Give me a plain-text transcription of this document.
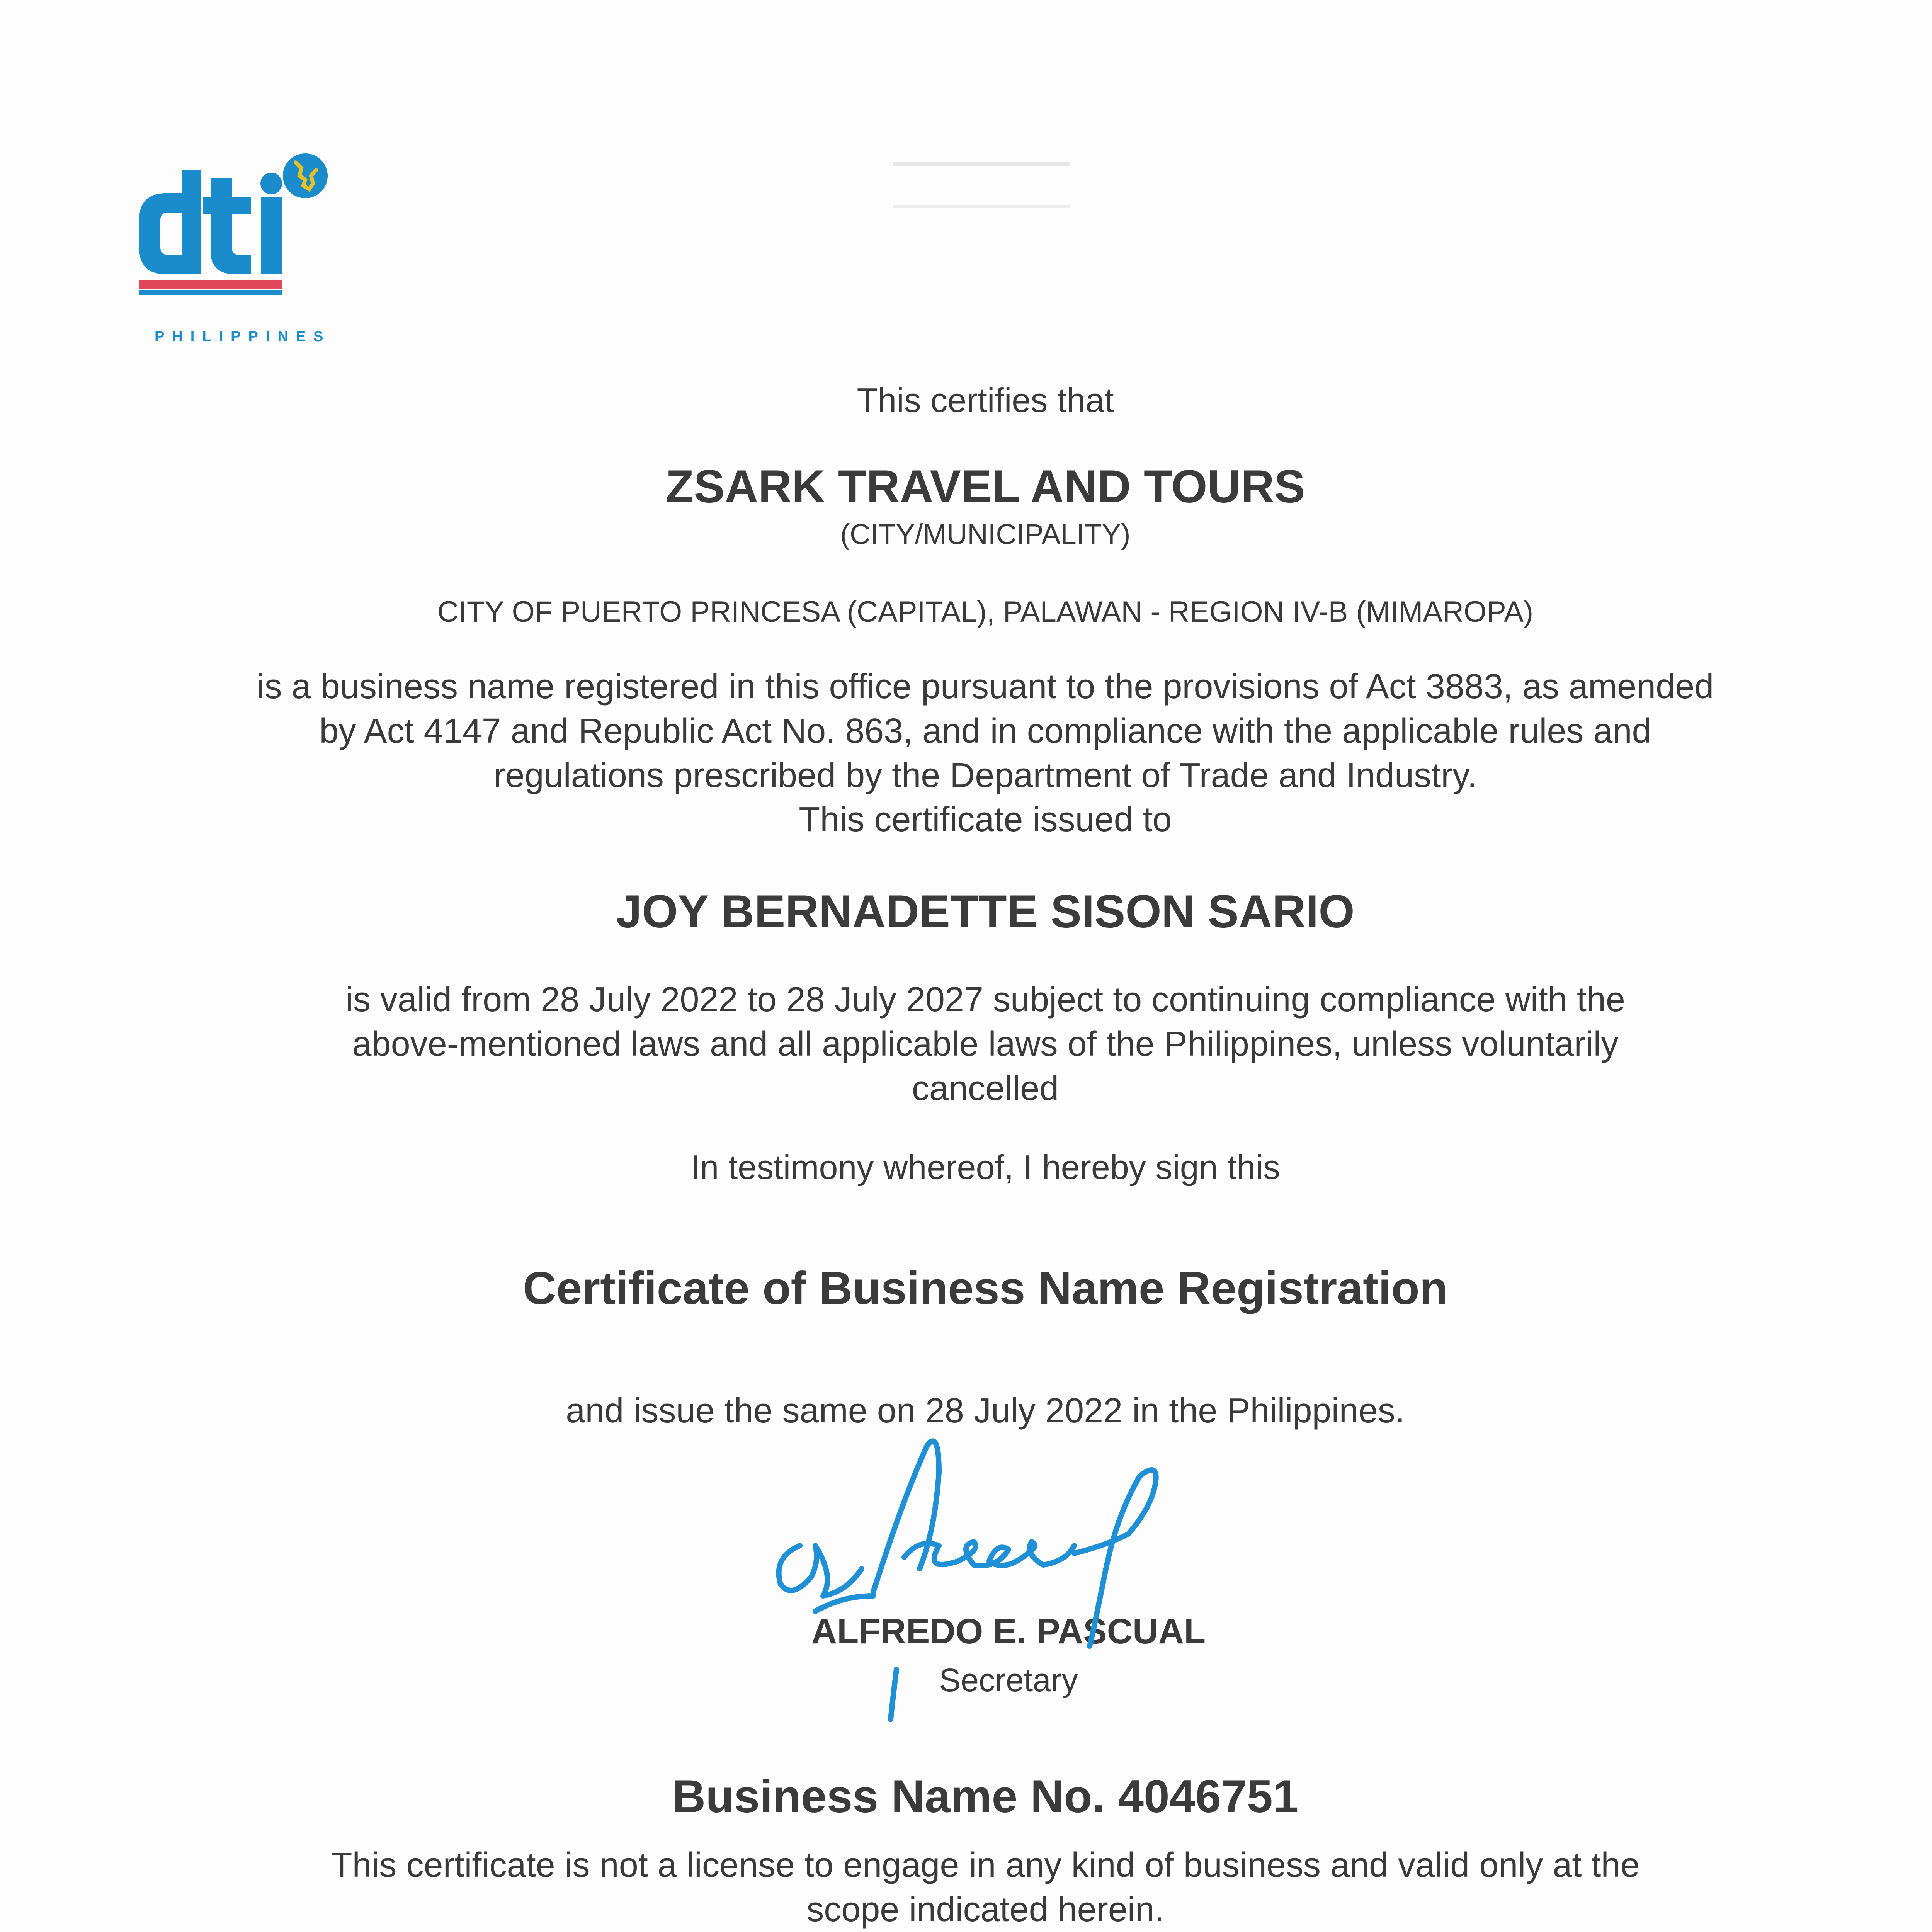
PHILIPPINES
This certifies that
ZSARK TRAVEL AND TOURS
(CITY/MUNICIPALITY)
CITY OF PUERTO PRINCESA (CAPITAL), PALAWAN - REGION IV-B (MIMAROPA)
is a business name registered in this office pursuant to the provisions of Act 3883, as amended
by Act 4147 and Republic Act No. 863, and in compliance with the applicable rules and
regulations prescribed by the Department of Trade and Industry.
This certificate issued to
JOY BERNADETTE SISON SARIO
is valid from 28 July 2022 to 28 July 2027 subject to continuing compliance with the
above-mentioned laws and all applicable laws of the Philippines, unless voluntarily
cancelled
In testimony whereof, I hereby sign this
Certificate of Business Name Registration
and issue the same on 28 July 2022 in the Philippines.
ALFREDO E. PASCUAL
Secretary
Business Name No. 4046751
This certificate is not a license to engage in any kind of business and valid only at the
scope indicated herein.
